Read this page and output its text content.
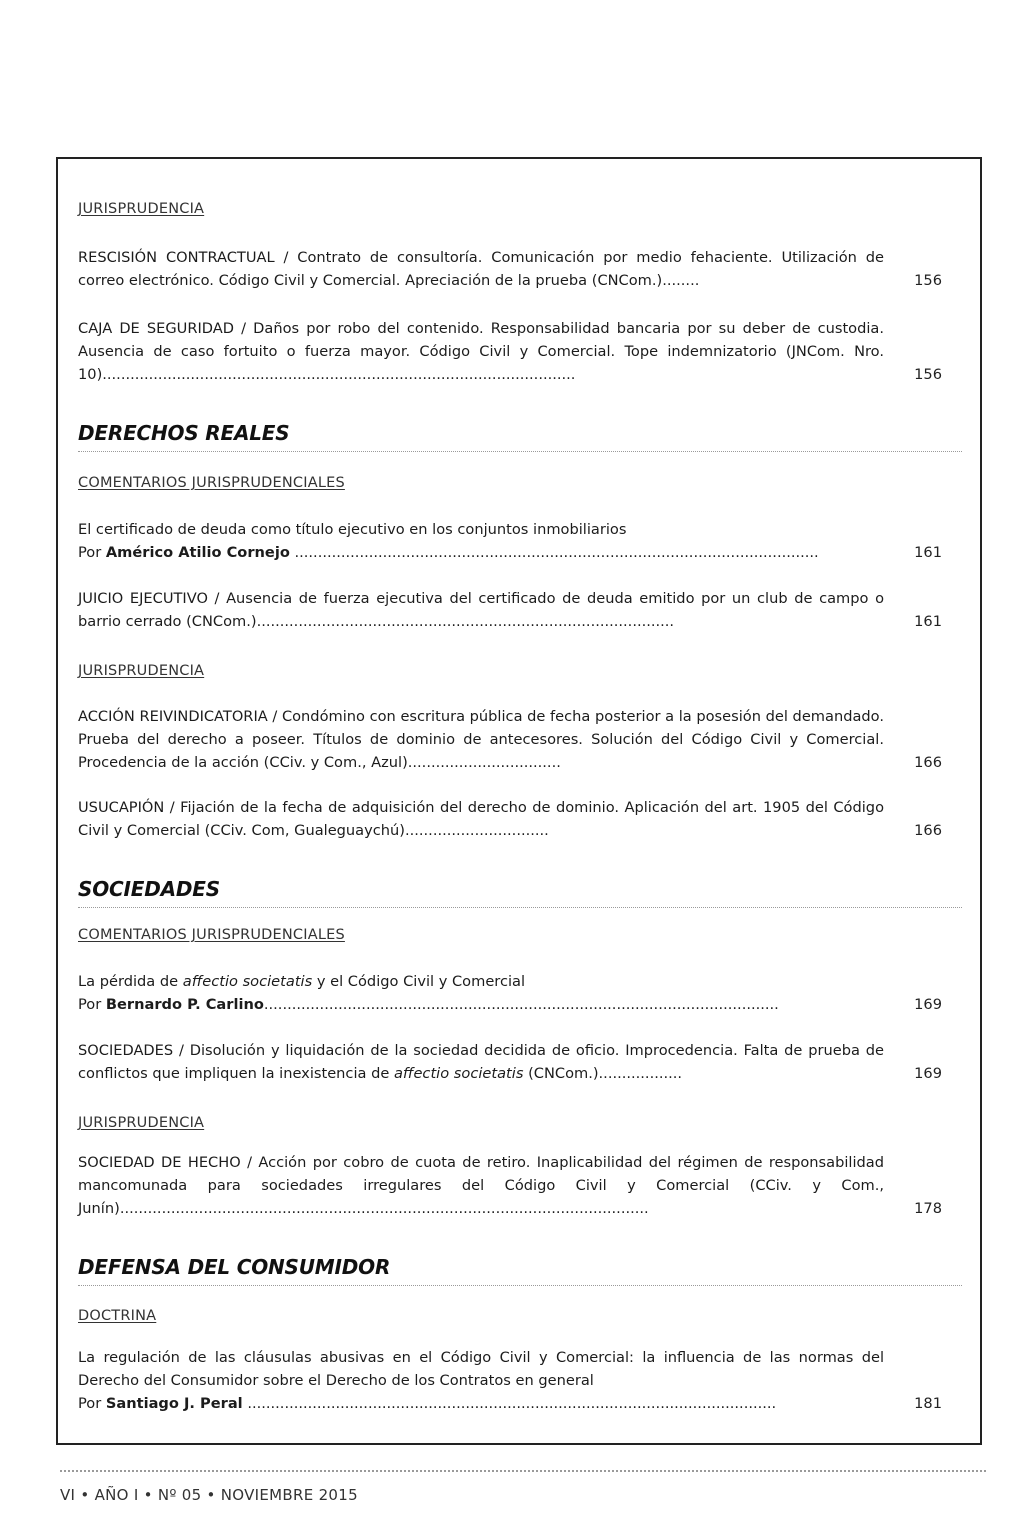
JURISPRUDENCIA
RESCISIÓN CONTRACTUAL / Contrato de consultoría. Comunicación por medio fehaciente. Utilización de correo electrónico. Código Civil y Comercial. Apreciación de la prueba (CNCom.)........	156
CAJA DE SEGURIDAD / Daños por robo del contenido. Responsabilidad bancaria por su deber de custodia. Ausencia de caso fortuito o fuerza mayor. Código Civil y Comercial. Tope indemnizatorio (JNCom. Nro. 10)......................................................................................................	156
DERECHOS REALES
COMENTARIOS JURISPRUDENCIALES
El certificado de deuda como título ejecutivo en los conjuntos inmobiliarios
Por Américo Atilio Cornejo .................................................................................................................	161
JUICIO EJECUTIVO / Ausencia de fuerza ejecutiva del certificado de deuda emitido por un club de campo o barrio cerrado (CNCom.)..........................................................................................	161
JURISPRUDENCIA
ACCIÓN REIVINDICATORIA / Condómino con escritura pública de fecha posterior a la posesión del demandado. Prueba del derecho a poseer. Títulos de dominio de antecesores. Solución del Código Civil y Comercial. Procedencia de la acción (CCiv. y Com., Azul).................................	166
USUCAPIÓN / Fijación de la fecha de adquisición del derecho de dominio. Aplicación del art. 1905 del Código Civil y Comercial (CCiv. Com, Gualeguaychú)...............................	166
SOCIEDADES
COMENTARIOS JURISPRUDENCIALES
La pérdida de affectio societatis y el Código Civil y Comercial
Por Bernardo P. Carlino...............................................................................................................	169
SOCIEDADES / Disolución y liquidación de la sociedad decidida de oficio. Improcedencia. Falta de prueba de conflictos que impliquen la inexistencia de affectio societatis (CNCom.)..................	169
JURISPRUDENCIA
SOCIEDAD DE HECHO / Acción por cobro de cuota de retiro. Inaplicabilidad del régimen de responsabilidad mancomunada para sociedades irregulares del Código Civil y Comercial (CCiv. y Com., Junín)..................................................................................................................	178
DEFENSA DEL CONSUMIDOR
DOCTRINA
La regulación de las cláusulas abusivas en el Código Civil y Comercial: la influencia de las normas del Derecho del Consumidor sobre el Derecho de los Contratos en general
Por Santiago J. Peral ..................................................................................................................	181
VI • AÑO I • Nº 05 • NOVIEMBRE 2015
